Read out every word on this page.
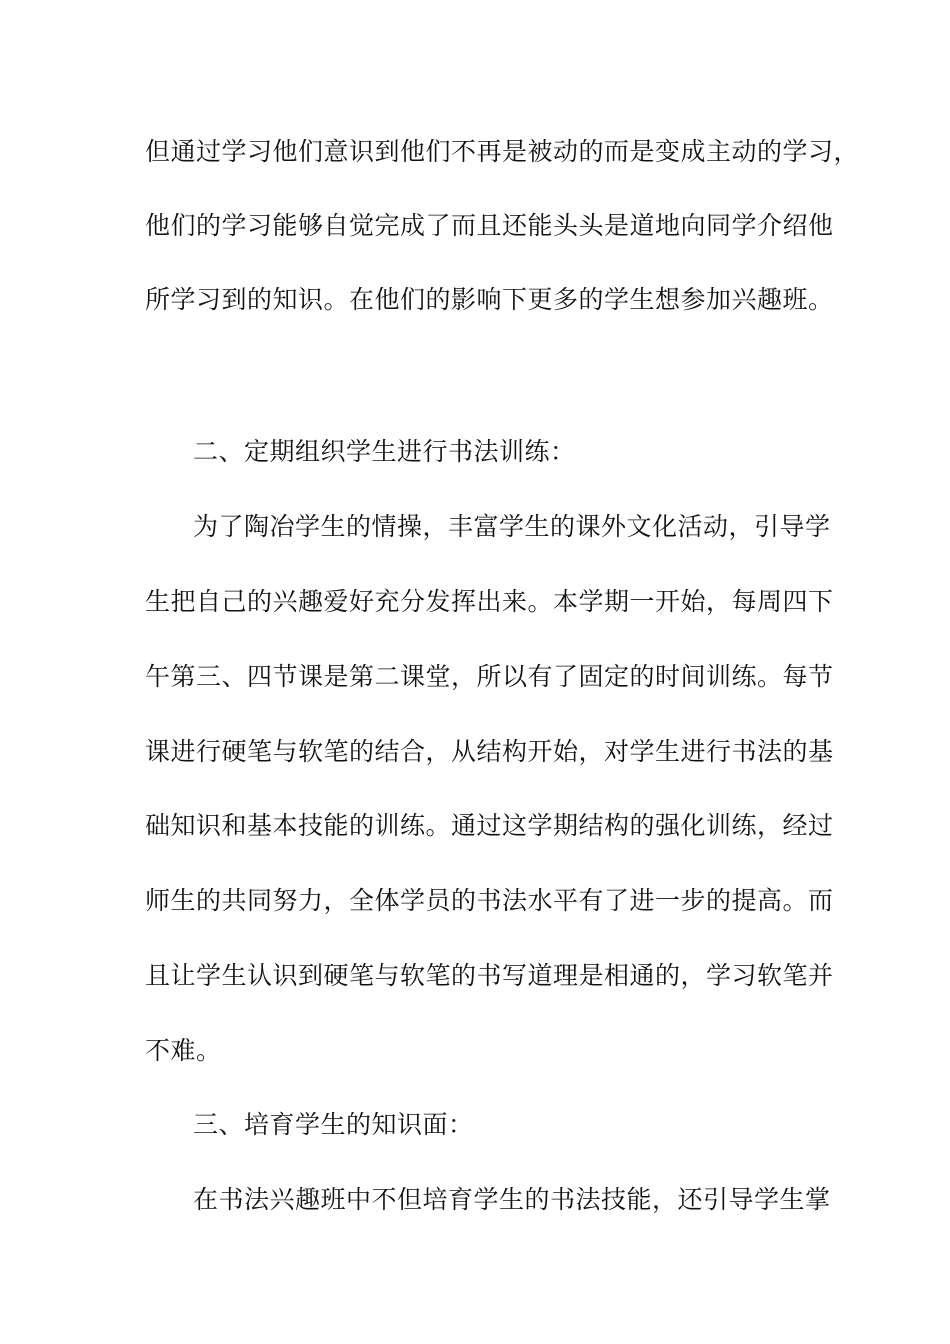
但通过学习他们意识到他们不再是被动的而是变成主动的学习，
他们的学习能够自觉完成了而且还能头头是道地向同学介绍他
所学习到的知识。在他们的影响下更多的学生想参加兴趣班。
二、定期组织学生进行书法训练：
为了陶冶学生的情操，丰富学生的课外文化活动，引导学
生把自己的兴趣爱好充分发挥出来。本学期一开始，每周四下
午第三、四节课是第二课堂，所以有了固定的时间训练。每节
课进行硬笔与软笔的结合，从结构开始，对学生进行书法的基
础知识和基本技能的训练。通过这学期结构的强化训练，经过
师生的共同努力，全体学员的书法水平有了进一步的提高。而
且让学生认识到硬笔与软笔的书写道理是相通的，学习软笔并
不难。
三、培育学生的知识面：
在书法兴趣班中不但培育学生的书法技能，还引导学生掌
